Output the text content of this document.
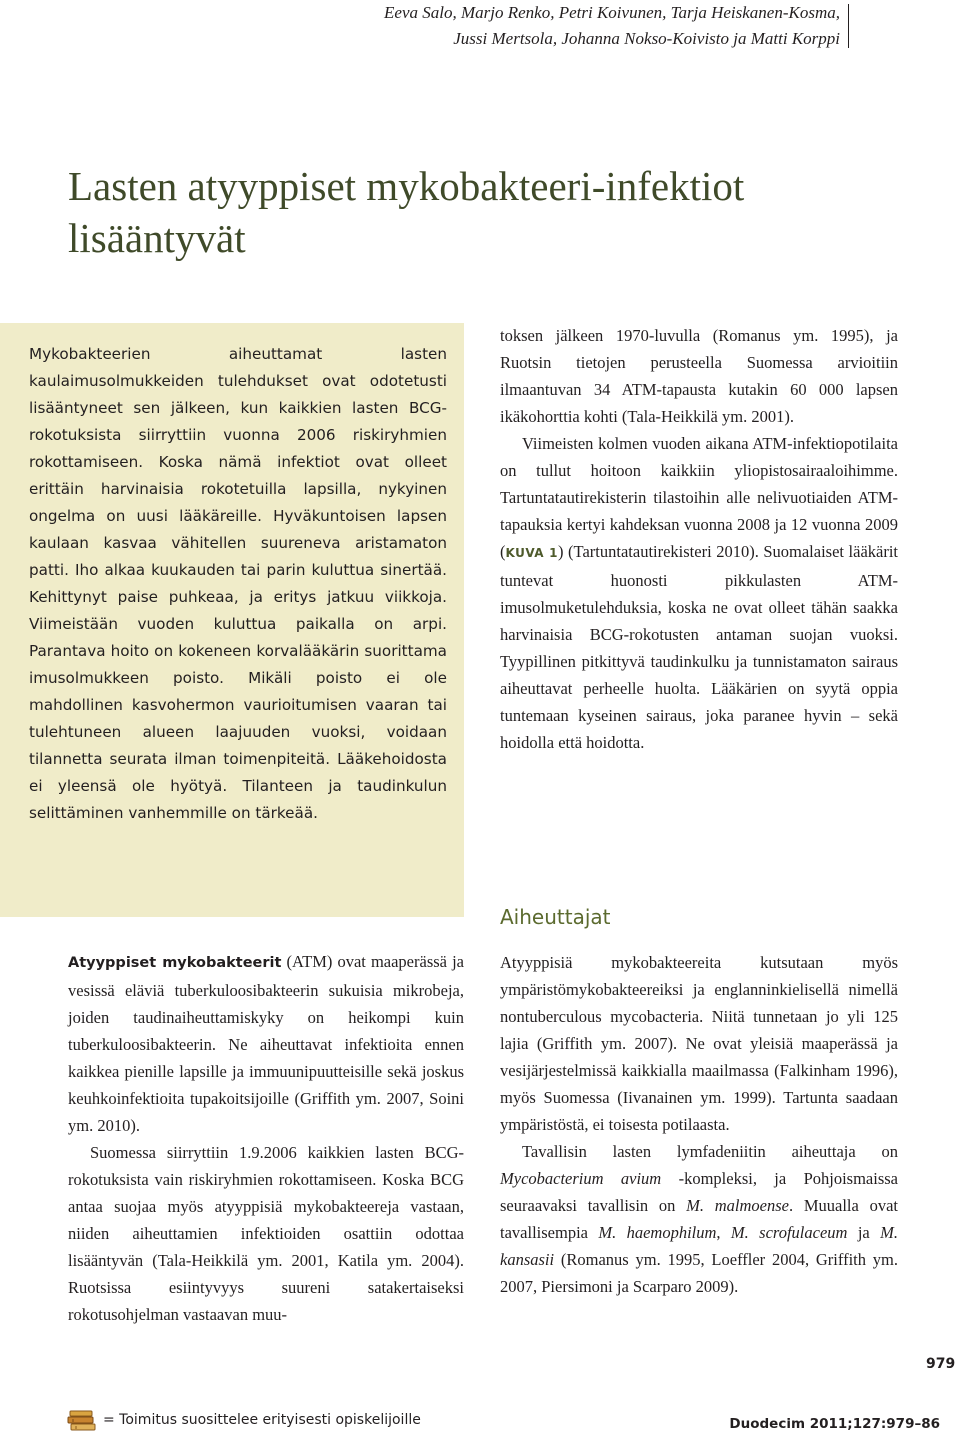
Eeva Salo, Marjo Renko, Petri Koivunen, Tarja Heiskanen-Kosma,
Jussi Mertsola, Johanna Nokso-Koivisto ja Matti Korppi
Lasten atyyppiset mykobakteeri-infektiot lisääntyvät
Mykobakteerien aiheuttamat lasten kaulaimusolmukkeiden tulehdukset ovat odotetusti lisääntyneet sen jälkeen, kun kaikkien lasten BCG-rokotuksista siirryttiin vuonna 2006 riskiryhmien rokottamiseen. Koska nämä infektiot ovat olleet erittäin harvinaisia rokotetuilla lapsilla, nykyinen ongelma on uusi lääkäreille. Hyväkuntoisen lapsen kaulaan kasvaa vähitellen suureneva aristamaton patti. Iho alkaa kuukauden tai parin kuluttua sinertää. Kehittynyt paise puhkeaa, ja eritys jatkuu viikkoja. Viimeistään vuoden kuluttua paikalla on arpi. Parantava hoito on kokeneen korvalääkärin suorittama imusolmukkeen poisto. Mikäli poisto ei ole mahdollinen kasvohermon vaurioitumisen vaaran tai tulehtuneen alueen laajuuden vuoksi, voidaan tilannetta seurata ilman toimenpiteitä. Lääkehoidosta ei yleensä ole hyötyä. Tilanteen ja taudinkulun selittäminen vanhemmille on tärkeää.

Atyyppiset mykobakteerit (ATM) ovat maaperässä ja vesissä eläviä tuberkuloosibakteerin sukuisia mikrobeja, joiden taudinaiheuttamiskyky on heikompi kuin tuberkuloosibakteerin. Ne aiheuttavat infektioita ennen kaikkea pienille lapsille ja immuunipuutteisille sekä joskus keuhkoinfektioita tupakoitsijoille (Griffith ym. 2007, Soini ym. 2010).

Suomessa siirryttiin 1.9.2006 kaikkien lasten BCG-rokotuksista vain riskiryhmien rokottamiseen. Koska BCG antaa suojaa myös atyyppisiä mykobakteereja vastaan, niiden aiheuttamien infektioiden osattiin odottaa lisääntyvän (Tala-Heikkilä ym. 2001, Katila ym. 2004). Ruotsissa esiintyvyys suureni satakertaiseksi rokotusohjelman vastaavan muu-

toksen jälkeen 1970-luvulla (Romanus ym. 1995), ja Ruotsin tietojen perusteella Suomessa arvioitiin ilmaantuvan 34 ATM-tapausta kutakin 60 000 lapsen ikäkohorttia kohti (Tala-Heikkilä ym. 2001).

Viimeisten kolmen vuoden aikana ATM-infektiopotilaita on tullut hoitoon kaikkiin yliopistosairaaloihimme. Tartuntatautirekisterin tilastoihin alle nelivuotiaiden ATM-tapauksia kertyi kahdeksan vuonna 2008 ja 12 vuonna 2009 (KUVA 1) (Tartuntatautirekisteri 2010). Suomalaiset lääkärit tuntevat huonosti pikkulasten ATM-imusolmuketulehduksia, koska ne ovat olleet tähän saakka harvinaisia BCG-rokotusten antaman suojan vuoksi. Tyypillinen pitkittyvä taudinkulku ja tunnistamaton sairaus aiheuttavat perheelle huolta. Lääkärien on syytä oppia tuntemaan kyseinen sairaus, joka paranee hyvin – sekä hoidolla että hoidotta.

Aiheuttajat

Atyyppisiä mykobakteereita kutsutaan myös ympäristömykobakteereiksi ja englanninkielisellä nimellä nontuberculous mycobacteria. Niitä tunnetaan jo yli 125 lajia (Griffith ym. 2007). Ne ovat yleisiä maaperässä ja vesijärjestelmissä kaikkialla maailmassa (Falkinham 1996), myös Suomessa (Iivanainen ym. 1999). Tartunta saadaan ympäristöstä, ei toisesta potilaasta.

Tavallisin lasten lymfadeniitin aiheuttaja on Mycobacterium avium -kompleksi, ja Pohjoismaissa seuraavaksi tavallisin on M. malmoense. Muualla ovat tavallisempia M. haemophilum, M. scrofulaceum ja M. kansasii (Romanus ym. 1995, Loeffler 2004, Griffith ym. 2007, Piersimoni ja Scarparo 2009).

979
= Toimitus suosittelee erityisesti opiskelijoille	Duodecim 2011;127:979–86
